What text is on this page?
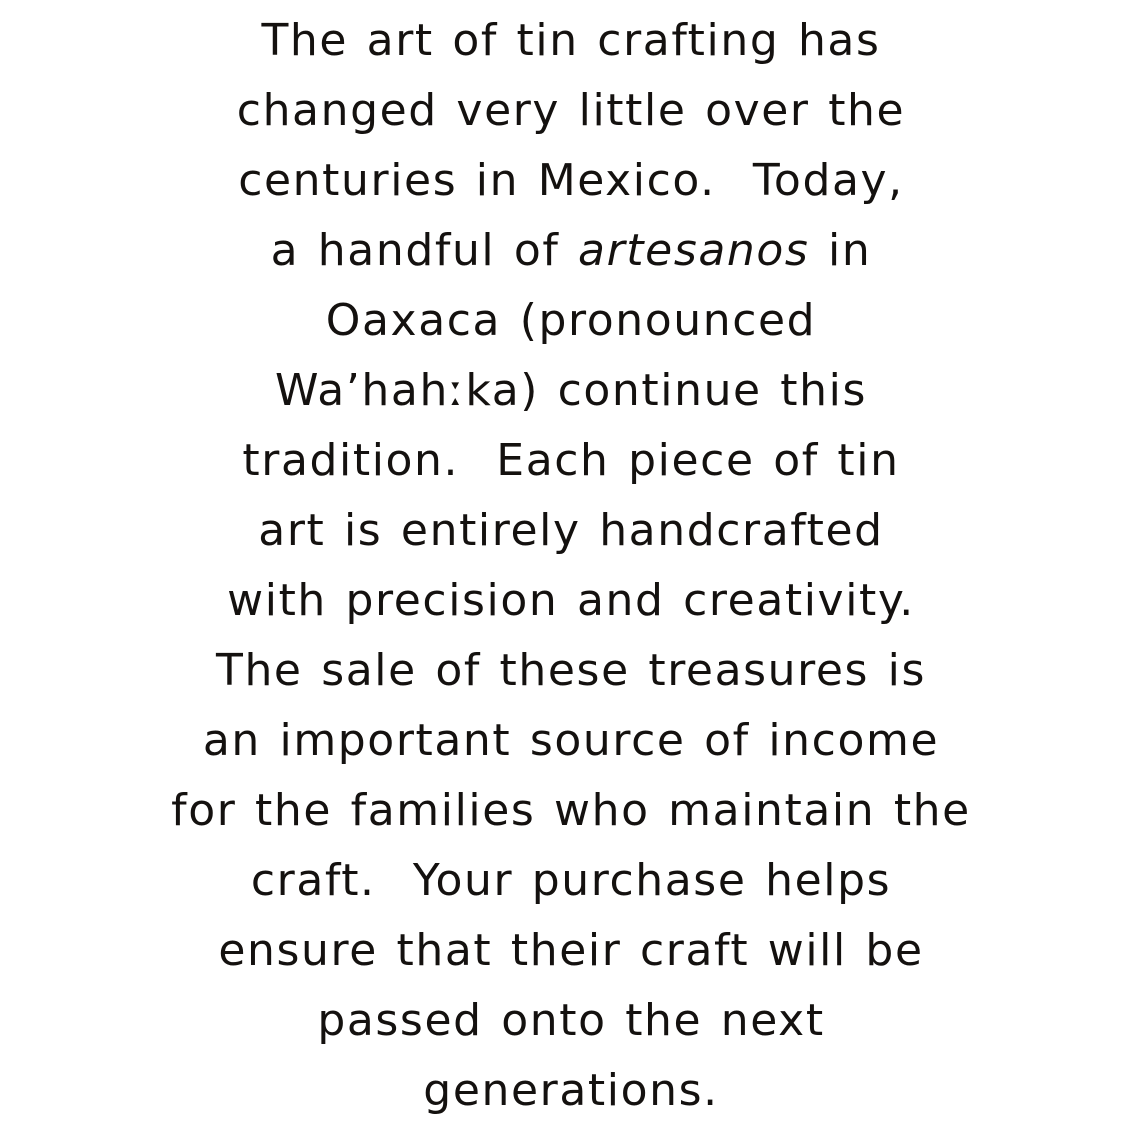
The art of tin crafting has
changed very little over the
centuries in Mexico.  Today,
a handful of artesanos in
Oaxaca (pronounced
Wa’hahːka) continue this
tradition.  Each piece of tin
art is entirely handcrafted
with precision and creativity.
The sale of these treasures is
an important source of income
for the families who maintain the
craft.  Your purchase helps
ensure that their craft will be
passed onto the next
generations.
